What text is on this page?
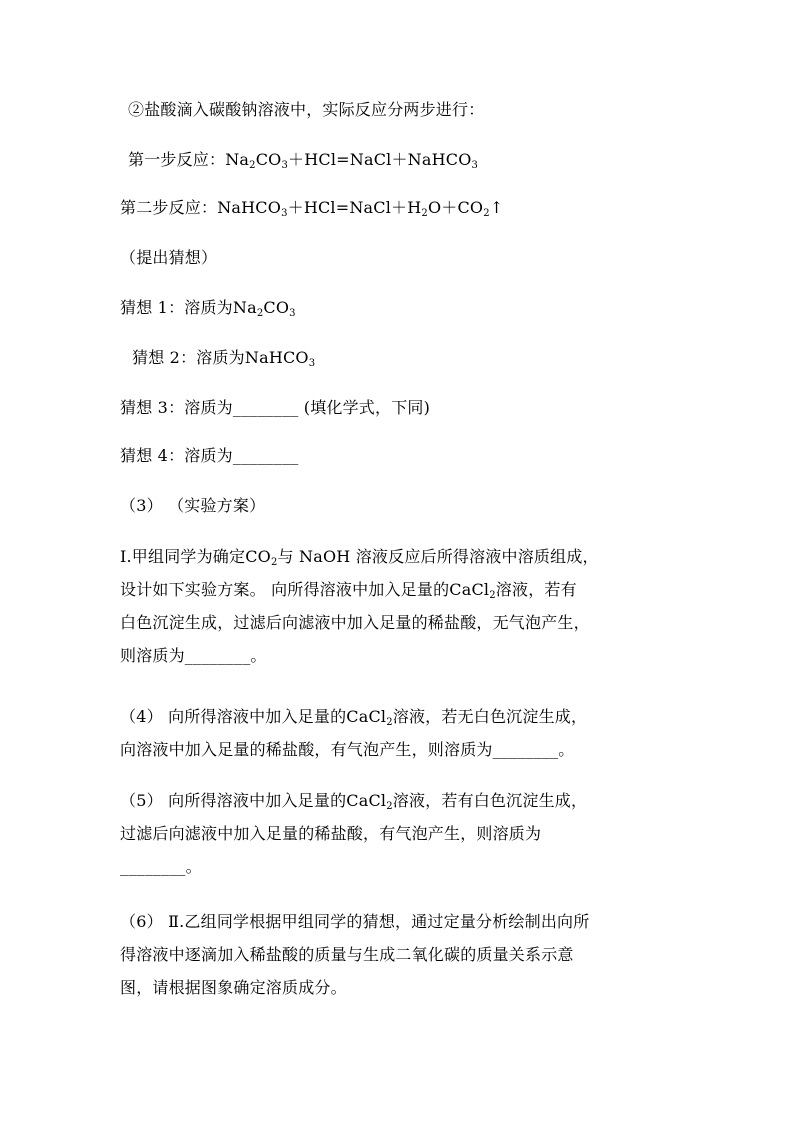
②盐酸滴入碳酸钠溶液中，实际反应分两步进行：
第一步反应：$Na_2CO_3+HCl=NaCl+NaHCO_3$
第二步反应：$NaHCO_3+HCl=NaCl+H_2O+CO_2↑$
（提出猜想）
猜想 1：溶质为$Na_2CO_3$
猜想 2：溶质为NaHCO$_3$
猜想 3：溶质为________ (填化学式，下同)
猜想 4：溶质为________
（3） （实验方案）
Ⅰ.甲组同学为确定$CO_2$与 NaOH 溶液反应后所得溶液中溶质组成，
设计如下实验方案。 向所得溶液中加入足量的CaCl$_2$溶液，若有
白色沉淀生成，过滤后向滤液中加入足量的稀盐酸，无气泡产生，
则溶质为________。
（4） 向所得溶液中加入足量的CaCl$_2$溶液，若无白色沉淀生成，
向溶液中加入足量的稀盐酸，有气泡产生，则溶质为________。
（5） 向所得溶液中加入足量的CaCl$_2$溶液，若有白色沉淀生成，
过滤后向滤液中加入足量的稀盐酸，有气泡产生，则溶质为
________。
（6） Ⅱ.乙组同学根据甲组同学的猜想，通过定量分析绘制出向所
得溶液中逐滴加入稀盐酸的质量与生成二氧化碳的质量关系示意
图，请根据图象确定溶质成分。
